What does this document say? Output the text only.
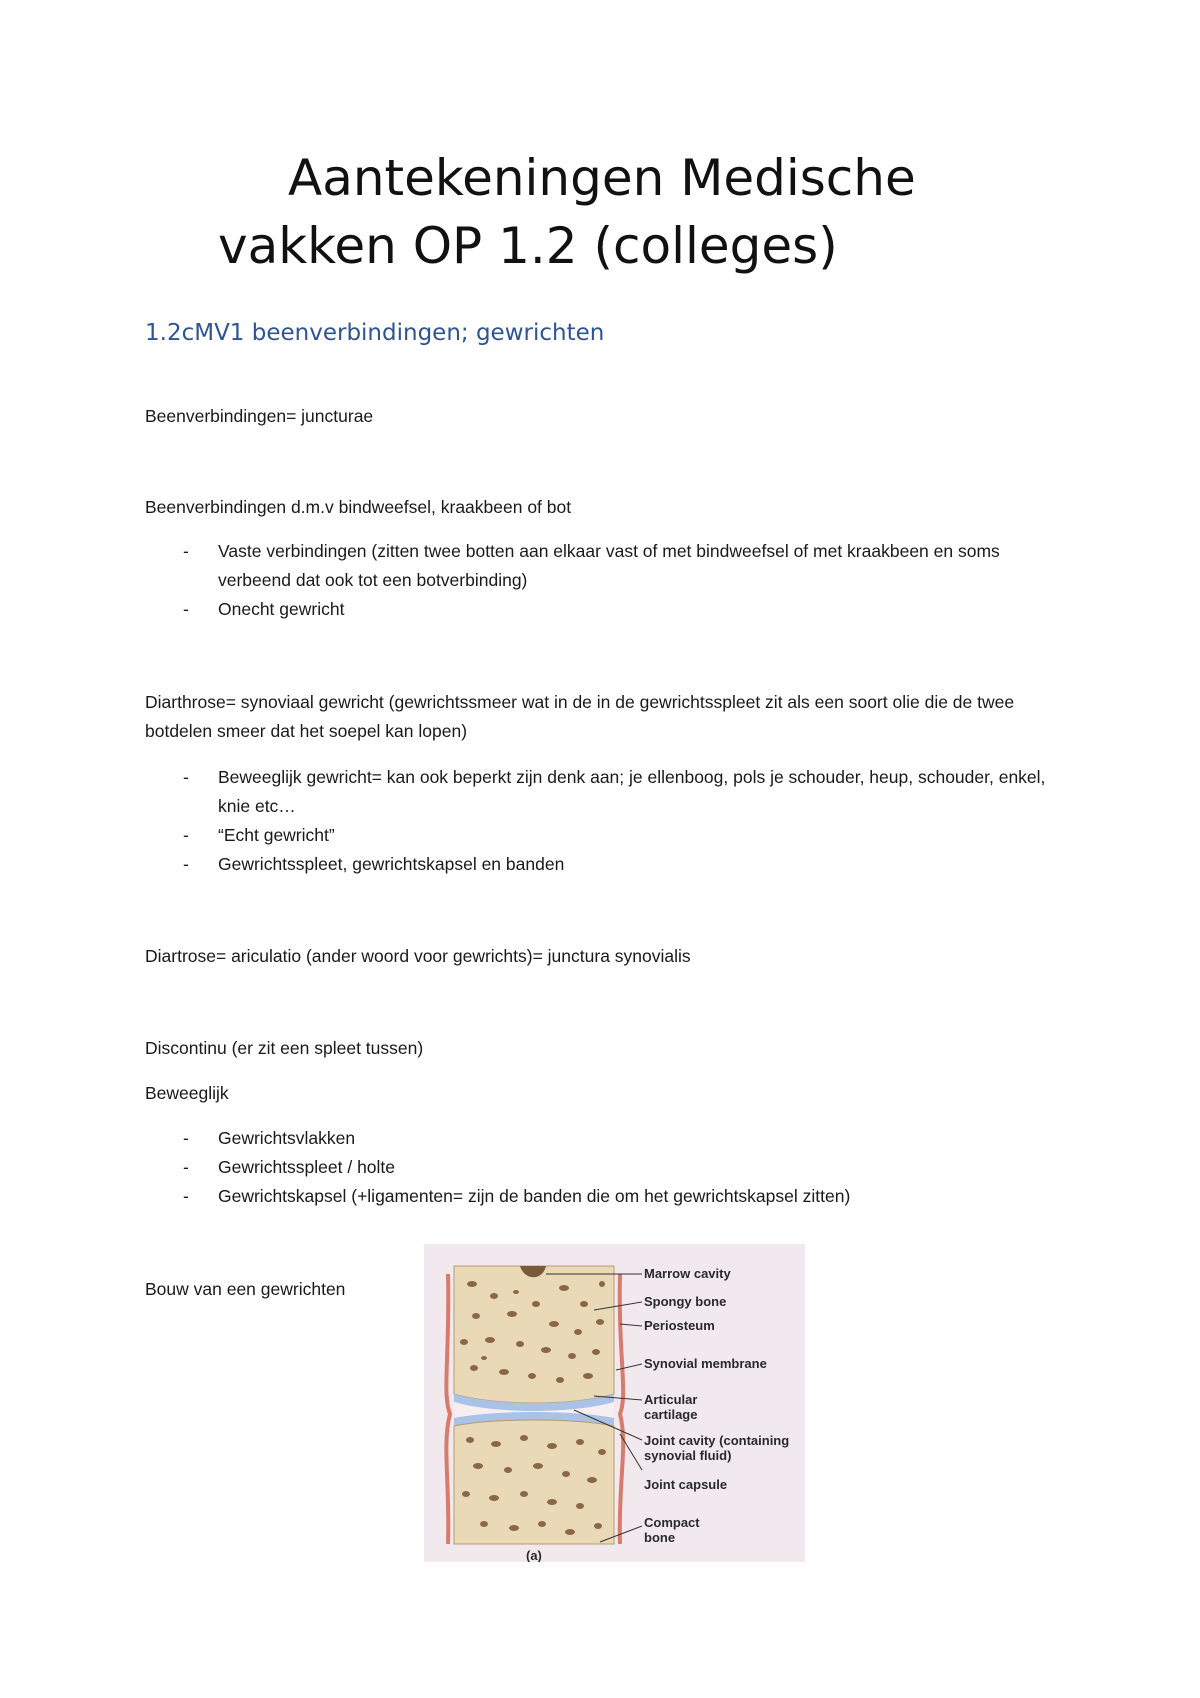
Aantekeningen Medische
vakken OP 1.2 (colleges)
1.2cMV1 beenverbindingen; gewrichten

Beenverbindingen= juncturae

Beenverbindingen d.m.v bindweefsel, kraakbeen of bot

- Vaste verbindingen (zitten twee botten aan elkaar vast of met bindweefsel of met kraakbeen en soms verbeend dat ook tot een botverbinding)
- Onecht gewricht

Diarthrose= synoviaal gewricht (gewrichtssmeer wat in de in de gewrichtsspleet zit als een soort olie die de twee botdelen smeer dat het soepel kan lopen)

- Beweeglijk gewricht= kan ook beperkt zijn denk aan; je ellenboog, pols je schouder, heup, schouder, enkel, knie etc…
- “Echt gewricht”
- Gewrichtsspleet, gewrichtskapsel en banden

Diartrose= ariculatio (ander woord voor gewrichts)= junctura synovialis

Discontinu (er zit een spleet tussen)

Beweeglijk

- Gewrichtsvlakken
- Gewrichtsspleet / holte
- Gewrichtskapsel (+ligamenten= zijn de banden die om het gewrichtskapsel zitten)

Bouw van een gewrichten

Marrow cavity
Spongy bone
Periosteum
Synovial membrane
Articular
cartilage
Joint cavity (containing
synovial fluid)
Joint capsule
Compact
bone
(a)
